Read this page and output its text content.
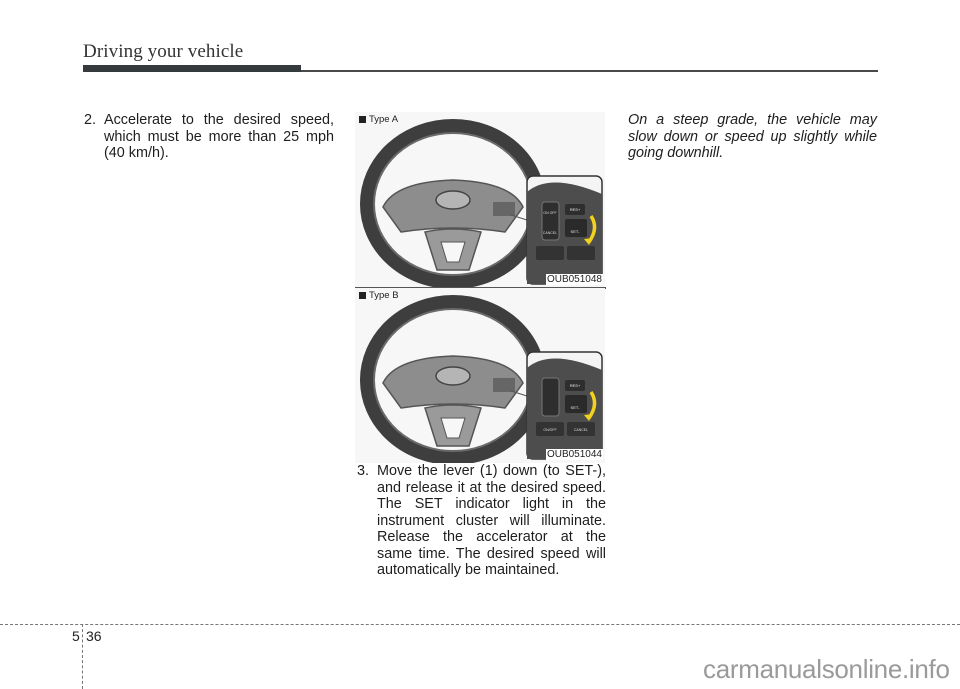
Driving your vehicle
2. Accelerate to the desired speed, which must be more than 25 mph (40 km/h).
ON OFF
CANCEL
RES+
SET-
Type A
OUB051048
RES+
SET-
ON/OFF	CANCEL
Type B
OUB051044
3. Move the lever (1) down (to SET-), and release it at the desired speed. The SET indicator light in the instrument cluster will illuminate. Release the accelerator at the same time. The desired speed will automatically be maintained.
On a steep grade, the vehicle may slow down or speed up slightly while going downhill.
5 36
carmanualsonline.info
